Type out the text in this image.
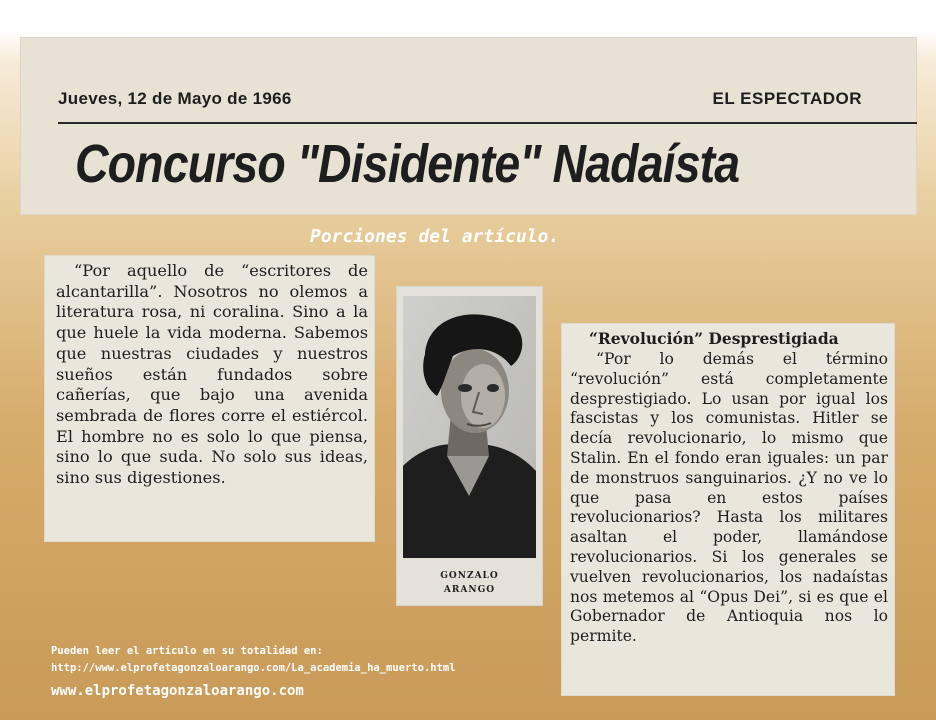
Jueves, 12 de Mayo de 1966	EL ESPECTADOR
Concurso "Disidente" Nadaísta
Porciones del artículo.

“Por aquello de “escritores de alcantarilla”. Nosotros no olemos a literatura rosa, ni coralina. Sino a la que huele la vida moderna. Sabemos que nuestras ciudades y nuestros sueños están fundados sobre cañerías, que bajo una avenida sembrada de flores corre el estiércol. El hombre no es solo lo que piensa, sino lo que suda. No solo sus ideas, sino sus digestiones.

GONZALO
ARANGO
“Revolución” Desprestigiada

“Por lo demás el término “revolución” está completamente desprestigiado. Lo usan por igual los fascistas y los comunistas. Hitler se decía revolucionario, lo mismo que Stalin. En el fondo eran iguales: un par de monstruos sanguinarios. ¿Y no ve lo que pasa en estos países revolucionarios? Hasta los militares asaltan el poder, llamándose revolucionarios. Si los generales se vuelven revolucionarios, los nadaístas nos metemos al “Opus Dei”, si es que el Gobernador de Antioquia nos lo permite.

Pueden leer el artículo en su totalidad en:
http://www.elprofetagonzaloarango.com/La_academia_ha_muerto.html
www.elprofetagonzaloarango.com
